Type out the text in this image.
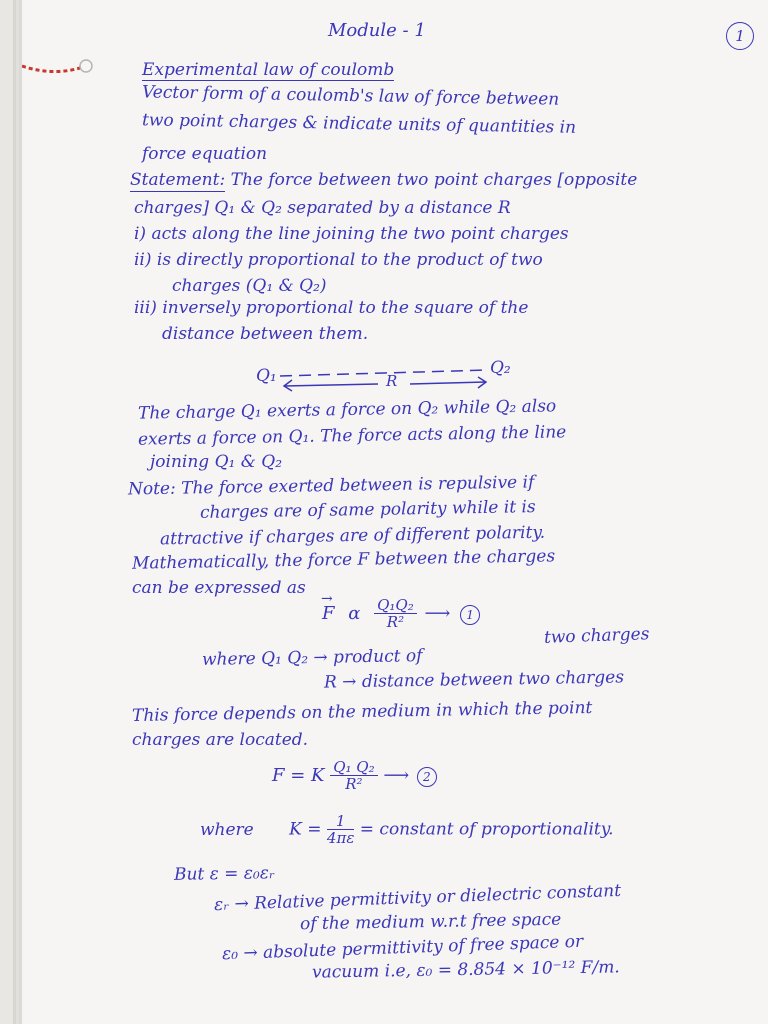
Module - 1	1
Experimental law of coulomb
Vector form of a coulomb's law of force between
two point charges & indicate units of quantities in
force equation
Statement: The force between two point charges [opposite
charges] Q₁ & Q₂ separated by a distance R
i) acts along the line joining the two point charges
ii) is directly proportional to the product of two
charges (Q₁ & Q₂)
iii) inversely proportional to the square of the
distance between them.
Q₁	R
Q₂
The charge Q₁ exerts a force on Q₂ while Q₂ also
exerts a force on Q₁. The force acts along the line
joining Q₁ & Q₂
Note: The force exerted between is repulsive if
charges are of same polarity while it is
attractive if charges are of different polarity.
Mathematically, the force F between the charges
can be expressed as
→ F α $\frac{\text{Q₁Q₂}}{\text{R²}}$ ⟶ 1
two charges
where Q₁ Q₂ → product of
R → distance between two charges
This force depends on the medium in which the point
charges are located.
F = K $\frac{\text{Q₁ Q₂}}{\text{R²}}$ ⟶ 2
where $K = \frac{1}{4\pi\varepsilon}$ = constant of proportionality.
But ε = ε₀εᵣ
εᵣ → Relative permittivity or dielectric constant
of the medium w.r.t free space
ε₀ → absolute permittivity of free space or
vacuum i.e, ε₀ = 8.854 × 10⁻¹² F/m.
